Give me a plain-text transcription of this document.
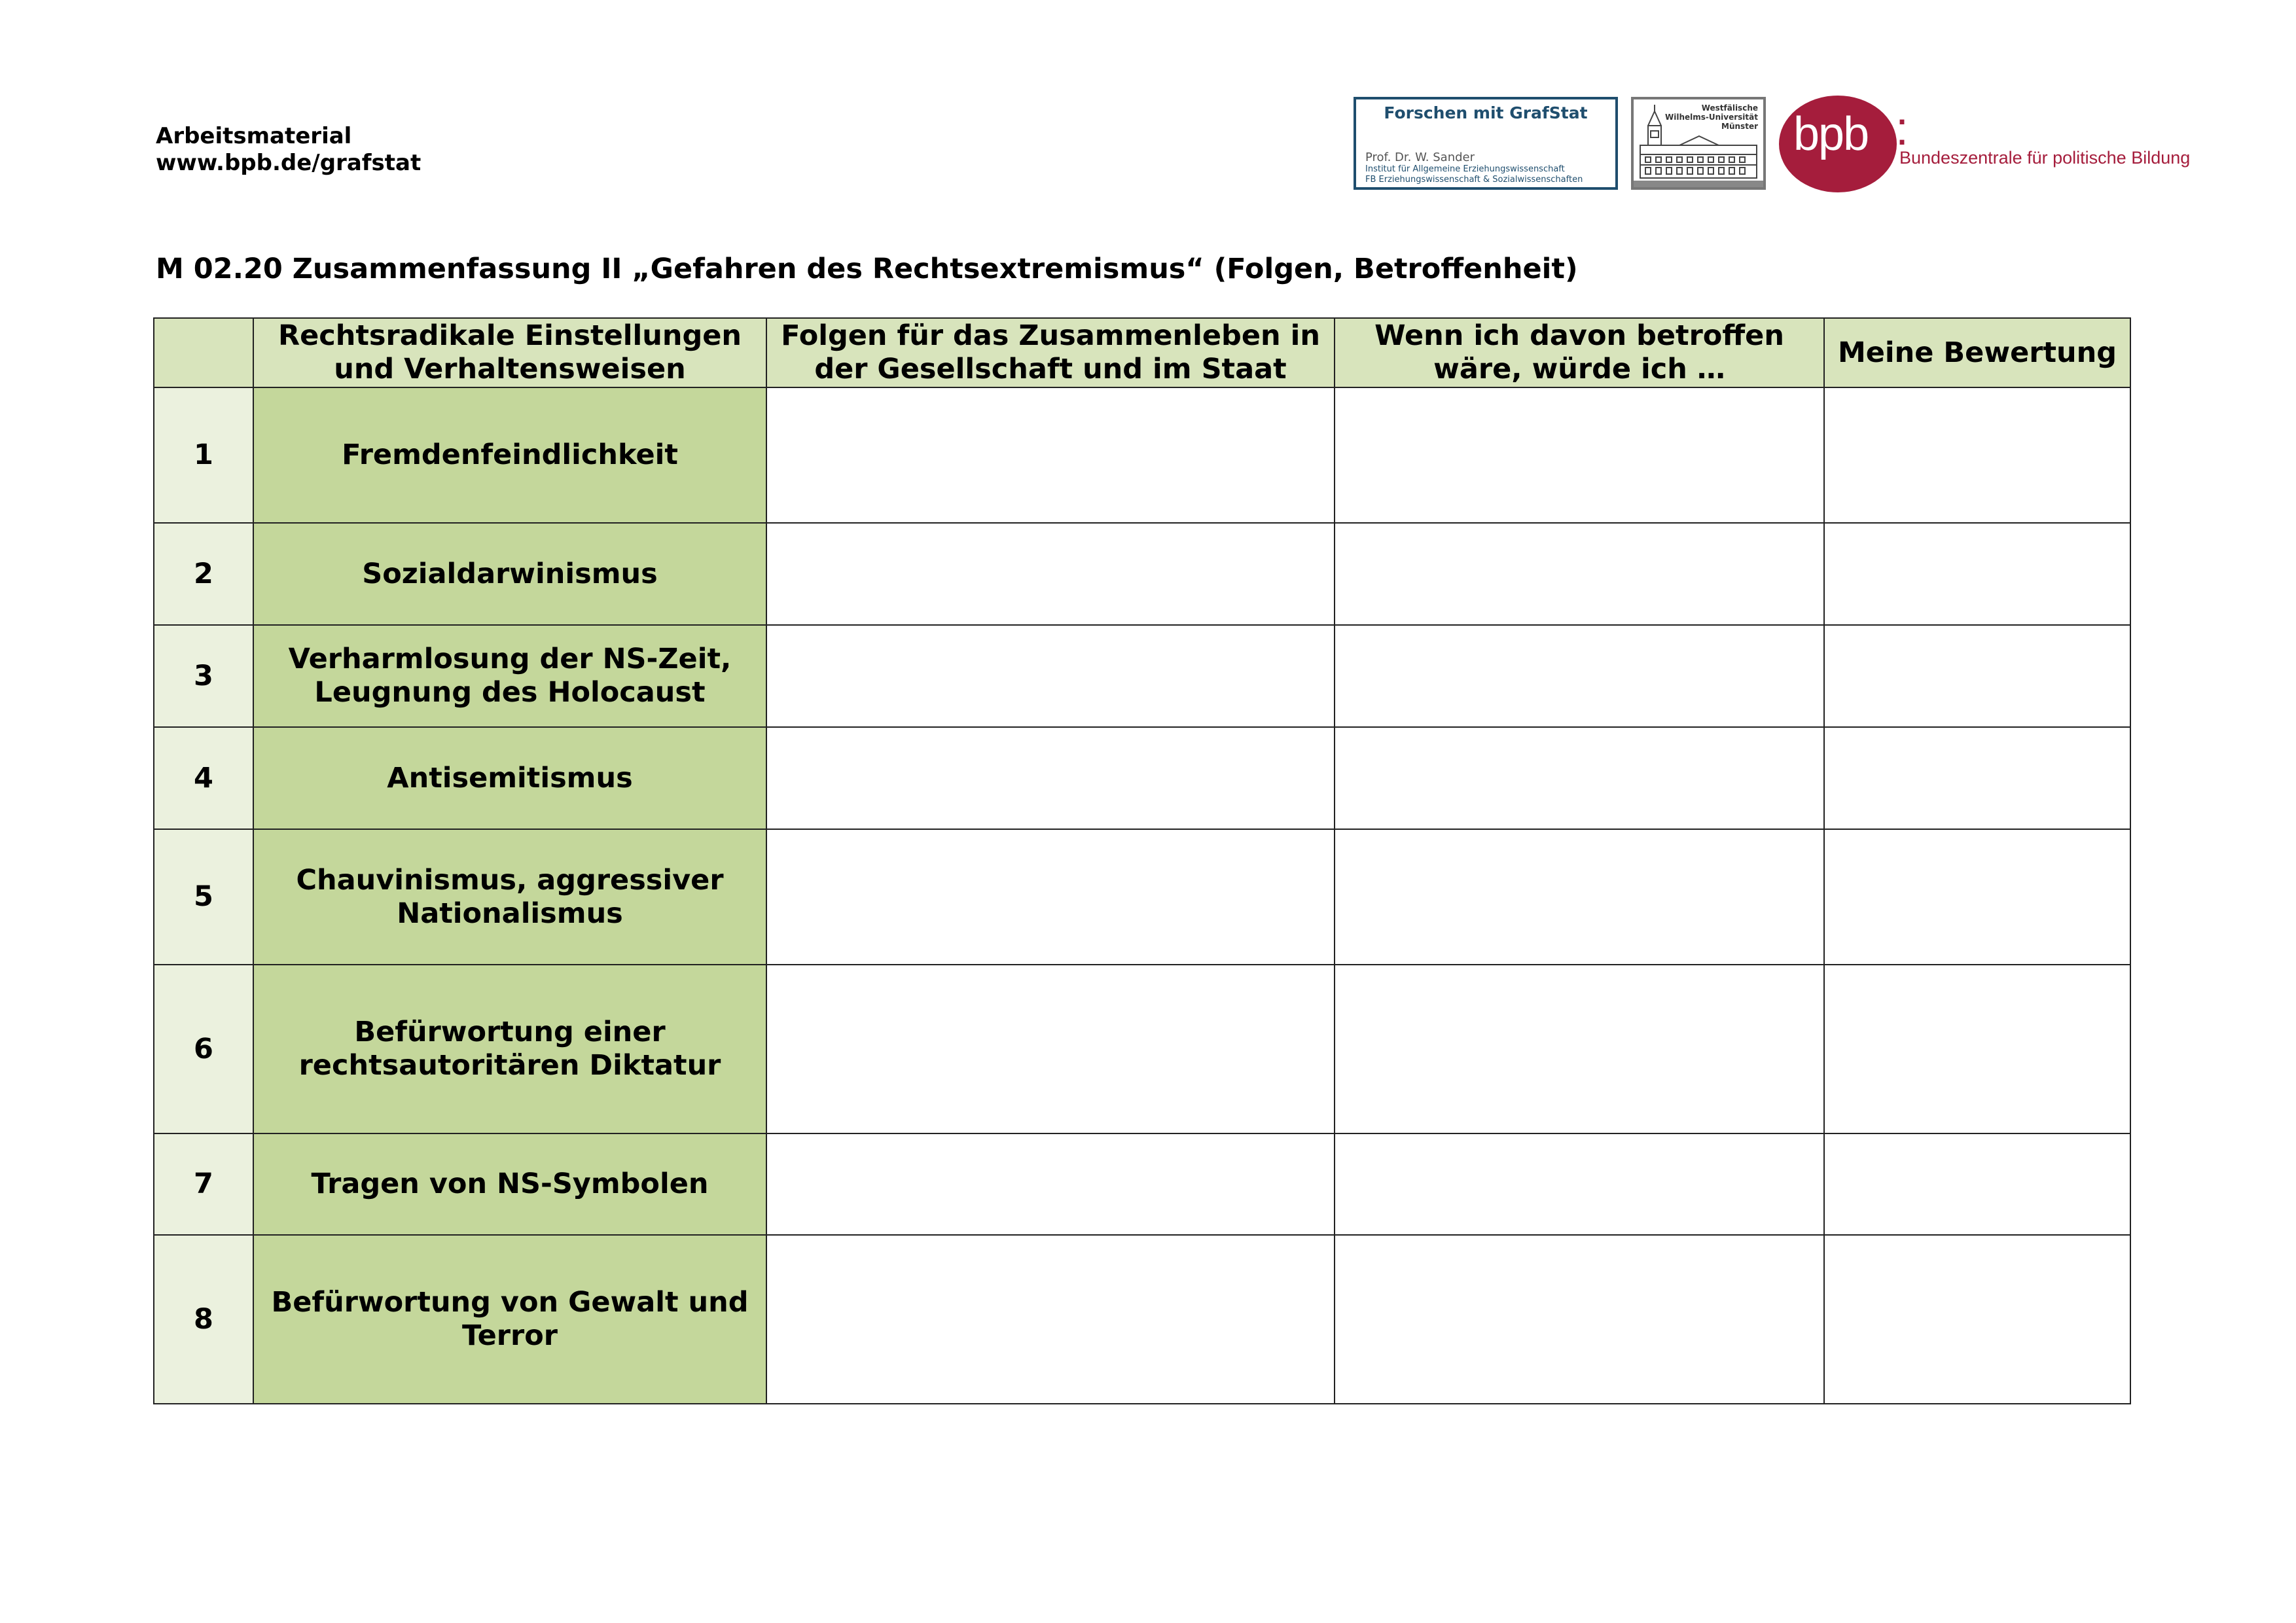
Arbeitsmaterial
www.bpb.de/grafstat
Forschen mit GrafStat
Prof. Dr. W. Sander
Institut für Allgemeine Erziehungswissenschaft
FB Erziehungswissenschaft & Sozialwissenschaften
Westfälische
Wilhelms-Universität
Münster bpb :
Bundeszentrale für politische Bildung
M 02.20 Zusammenfassung II „Gefahren des Rechtsextremismus“ (Folgen, Betroffenheit)
	Rechtsradikale Einstellungen und Verhaltensweisen	Folgen für das Zusammenleben in der Gesellschaft und im Staat	Wenn ich davon betroffen wäre, würde ich …	Meine Bewertung
1	Fremdenfeindlichkeit			
2	Sozialdarwinismus			
3	Verharmlosung der NS-Zeit, Leugnung des Holocaust			
4	Antisemitismus			
5	Chauvinismus, aggressiver Nationalismus			
6	Befürwortung einer rechtsautoritären Diktatur			
7	Tragen von NS-Symbolen			
8	Befürwortung von Gewalt und Terror			
